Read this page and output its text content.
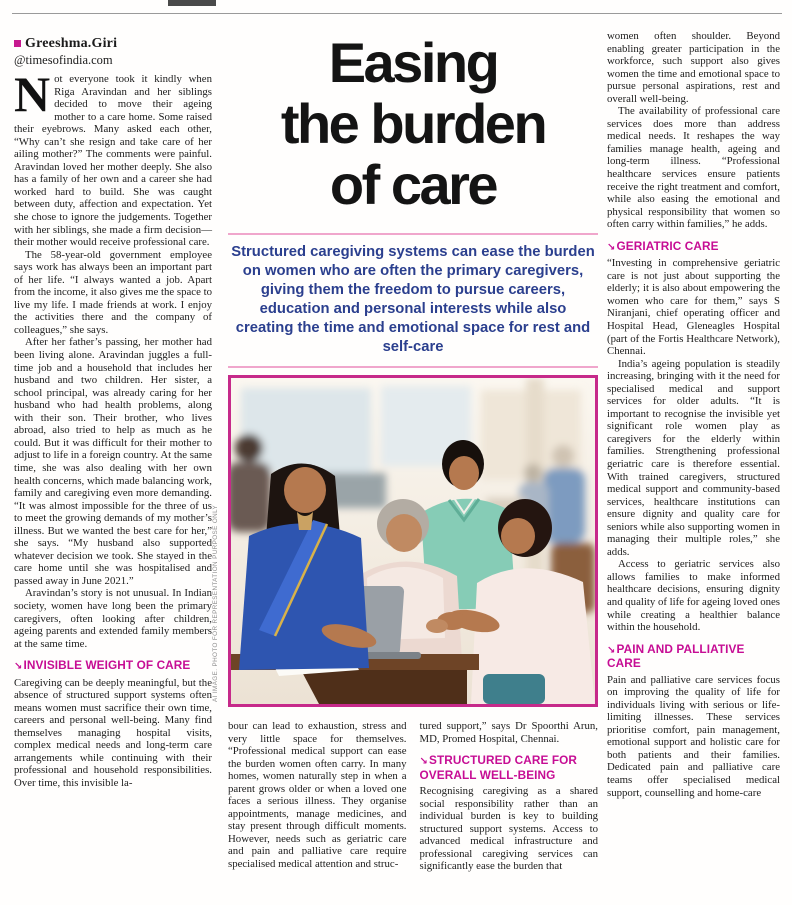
Greeshma.Giri
@timesofindia.com

Not everyone took it kindly when Riga Aravindan and her siblings decided to move their ageing mother to a care home. Some raised their eyebrows. Many asked each other, “Why can’t she resign and take care of her ailing mother?” The comments were painful. Aravindan loved her mother deeply. She also has a family of her own and a career she had worked hard to build. She was caught between duty, affection and expectation. Yet she chose to ignore the judgements. Together with her siblings, she made a firm decision—their mother would receive professional care.

The 58-year-old government employee says work has always been an important part of her life. “I always wanted a job. Apart from the income, it also gives me the space to live my life. I made friends at work. I enjoy the activities there and the company of colleagues,” she says.

After her father’s passing, her mother had been living alone. Aravindan juggles a full-time job and a household that includes her husband and two children. Her sister, a school principal, was already caring for her husband who had health problems, along with their son. Their brother, who lives abroad, also tried to help as much as he could. But it was difficult for their mother to adjust to life in a foreign country. At the same time, she was also dealing with her own health concerns, which made balancing work, family and caregiving even more demanding. “It was almost impossible for the three of us to meet the growing demands of my mother’s illness. But we wanted the best care for her,” she says. “My husband also supported whatever decision we took. She stayed in the care home until she was hospitalised and passed away in June 2021.”

Aravindan’s story is not unusual. In Indian society, women have long been the primary caregivers, often looking after children, ageing parents and extended family members at the same time.

↘INVISIBLE WEIGHT OF CARE

Caregiving can be deeply meaningful, but the absence of structured support systems often means women must sacrifice their own time, careers and personal well-being. Many find themselves managing hospital visits, complex medical needs and long-term care arrangements while continuing with their professional and household responsibilities. Over time, this invisible la-

Easing
the burden
of care
Structured caregiving systems can ease the burden on women who are often the primary caregivers, giving them the freedom to pursue careers, education and personal interests while also creating the time and emotional space for rest and self-care
AI IMAGE. PHOTO FOR REPRESENTATION PURPOSE ONLY

bour can lead to exhaustion, stress and very little space for themselves. “Professional medical support can ease the burden women often carry. In many homes, women naturally step in when a parent grows older or when a loved one faces a serious illness. They organise appointments, manage medicines, and stay present through difficult moments. However, needs such as geriatric care and pain and palliative care require specialised medical attention and struc-

tured support,” says Dr Spoorthi Arun, MD, Promed Hospital, Chennai.

↘STRUCTURED CARE FOR OVERALL WELL-BEING

Recognising caregiving as a shared social responsibility rather than an individual burden is key to building structured support systems. Access to advanced medical infrastructure and professional caregiving services can significantly ease the burden that

women often shoulder. Beyond enabling greater participation in the workforce, such support also gives women the time and emotional space to pursue personal aspirations, rest and overall well-being.

The availability of professional care services does more than address medical needs. It reshapes the way families manage health, ageing and long-term illness. “Professional healthcare services ensure patients receive the right treatment and comfort, while also easing the emotional and physical responsibility that women so often carry within families,” he adds.

↘GERIATRIC CARE

“Investing in comprehensive geriatric care is not just about supporting the elderly; it is also about empowering the women who care for them,” says S Niranjani, chief operating officer and Hospital Head, Gleneagles Hospital (part of the Fortis Healthcare Network), Chennai.

India’s ageing population is steadily increasing, bringing with it the need for specialised medical and support services for older adults. “It is important to recognise the invisible yet significant role women play as caregivers for the elderly within families. Strengthening professional geriatric care is therefore essential. With trained caregivers, structured medical support and community-based services, healthcare institutions can ensure dignity and quality care for seniors while also supporting women in managing their multiple roles,” she adds.

Access to geriatric services also allows families to make informed healthcare decisions, ensuring dignity and quality of life for ageing loved ones while creating a healthier balance within the household.

↘PAIN AND PALLIATIVE CARE

Pain and palliative care services focus on improving the quality of life for individuals living with serious or life-limiting illnesses. These services prioritise comfort, pain management, emotional support and holistic care for both patients and their families. Dedicated pain and palliative care teams offer specialised medical support, counselling and home-care
